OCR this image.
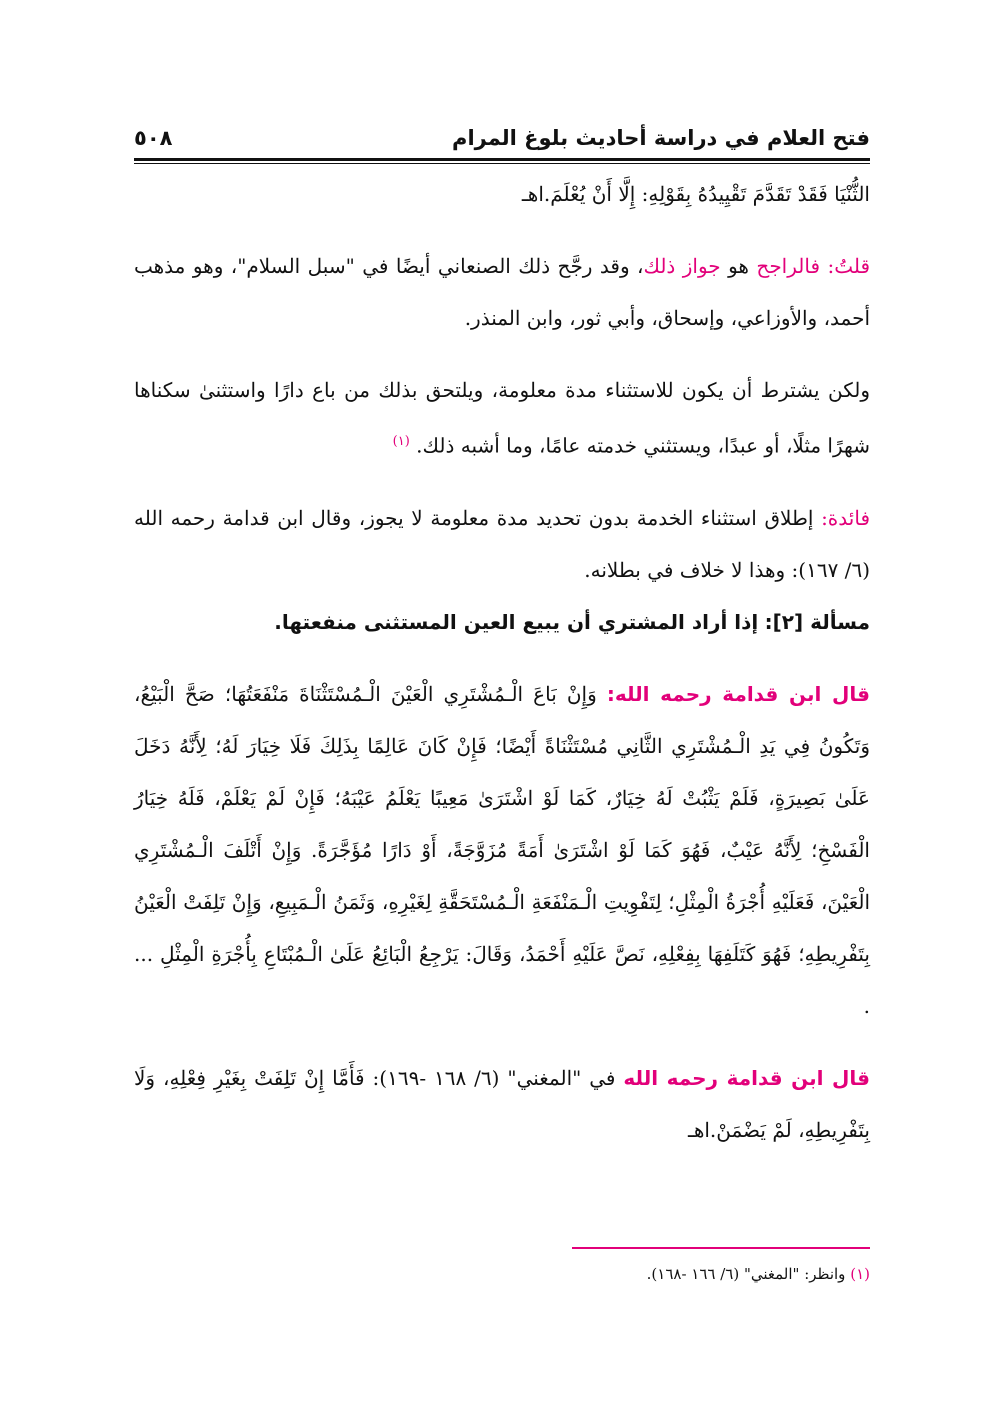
٥٠٨	فتح العلام في دراسة أحاديث بلوغ المرام

الثُّنْيَا فَقَدْ تَقَدَّمَ تَقْيِيدُهُ بِقَوْلِهِ: إِلَّا أَنْ يُعْلَمَ.اهـ

قلتُ: فالراجح هو جواز ذلك، وقد رجَّح ذلك الصنعاني أيضًا في "سبل السلام"، وهو مذهب أحمد، والأوزاعي، وإسحاق، وأبي ثور، وابن المنذر.

ولكن يشترط أن يكون للاستثناء مدة معلومة، ويلتحق بذلك من باع دارًا واستثنىٰ سكناها شهرًا مثلًا، أو عبدًا، ويستثني خدمته عامًا، وما أشبه ذلك. $^{(١)}$

فائدة: إطلاق استثناء الخدمة بدون تحديد مدة معلومة لا يجوز، وقال ابن قدامة رحمه الله (٦/ ١٦٧): وهذا لا خلاف في بطلانه.

مسألة [٢]: إذا أراد المشتري أن يبيع العين المستثنى منفعتها.

قال ابن قدامة رحمه الله: وَإِنْ بَاعَ الْـمُشْتَرِي الْعَيْنَ الْـمُسْتَثْنَاةَ مَنْفَعَتُهَا؛ صَحَّ الْبَيْعُ، وَتَكُونُ فِي يَدِ الْـمُشْتَرِي الثَّانِي مُسْتَثْنَاةً أَيْضًا؛ فَإِنْ كَانَ عَالِمًا بِذَلِكَ فَلَا خِيَارَ لَهُ؛ لِأَنَّهُ دَخَلَ عَلَىٰ بَصِيرَةٍ، فَلَمْ يَثْبُتْ لَهُ خِيَارٌ، كَمَا لَوْ اشْتَرَىٰ مَعِيبًا يَعْلَمُ عَيْبَهُ؛ فَإِنْ لَمْ يَعْلَمْ، فَلَهُ خِيَارُ الْفَسْخِ؛ لِأَنَّهُ عَيْبٌ، فَهُوَ كَمَا لَوْ اشْتَرَىٰ أَمَةً مُزَوَّجَةً، أَوْ دَارًا مُؤَجَّرَةً. وَإِنْ أَتْلَفَ الْـمُشْتَرِي الْعَيْنَ، فَعَلَيْهِ أُجْرَةُ الْمِثْلِ؛ لِتَفْوِيتِ الْـمَنْفَعَةِ الْـمُسْتَحَقَّةِ لِغَيْرِهِ، وَثَمَنُ الْـمَبِيعِ، وَإِنْ تَلِفَتْ الْعَيْنُ بِتَفْرِيطِهِ؛ فَهُوَ كَتَلَفِهَا بِفِعْلِهِ، نَصَّ عَلَيْهِ أَحْمَدُ، وَقَالَ: يَرْجِعُ الْبَائِعُ عَلَىٰ الْـمُبْتَاعِ بِأُجْرَةِ الْمِثْلِ ... .

قال ابن قدامة رحمه الله في "المغني" (٦/ ١٦٨ -١٦٩): فَأَمَّا إِنْ تَلِفَتْ بِغَيْرِ فِعْلِهِ، وَلَا بِتَفْرِيطِهِ، لَمْ يَضْمَنْ.اهـ

(١) وانظر: "المغني" (٦/ ١٦٦ -١٦٨).
